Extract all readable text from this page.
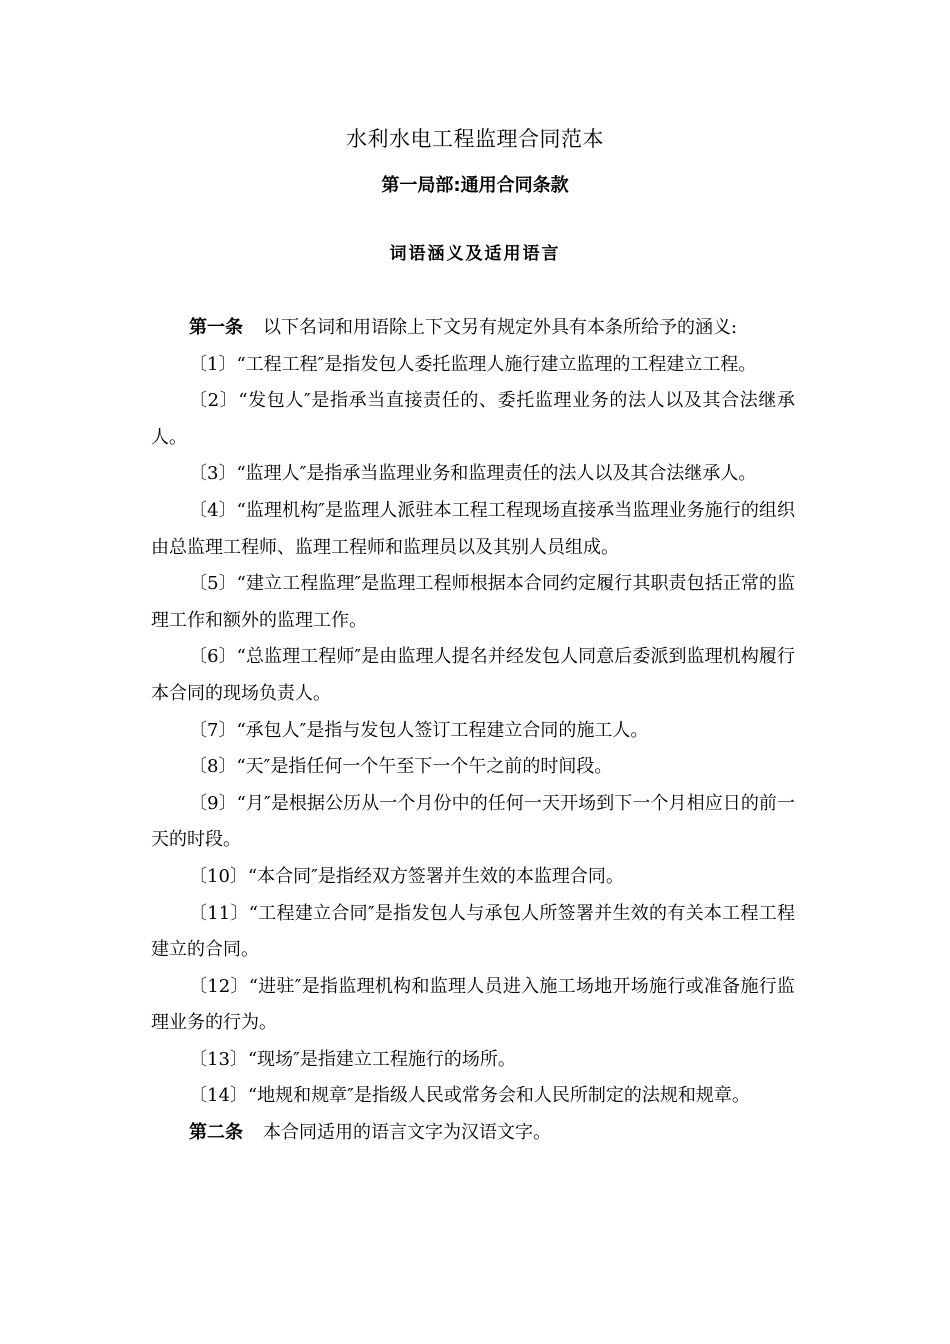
水利水电工程监理合同范本
第一局部:通用合同条款
词语涵义及适用语言

第一条 以下名词和用语除上下文另有规定外具有本条所给予的涵义:

〔1〕“工程工程″是指发包人委托监理人施行建立监理的工程建立工程。

〔2〕“发包人″是指承当直接责任的、委托监理业务的法人以及其合法继承人。

〔3〕“监理人″是指承当监理业务和监理责任的法人以及其合法继承人。

〔4〕“监理机构″是监理人派驻本工程工程现场直接承当监理业务施行的组织由总监理工程师、监理工程师和监理员以及其别人员组成。

〔5〕“建立工程监理″是监理工程师根据本合同约定履行其职责包括正常的监理工作和额外的监理工作。

〔6〕“总监理工程师″是由监理人提名并经发包人同意后委派到监理机构履行本合同的现场负责人。

〔7〕“承包人″是指与发包人签订工程建立合同的施工人。

〔8〕“天″是指任何一个午至下一个午之前的时间段。

〔9〕“月″是根据公历从一个月份中的任何一天开场到下一个月相应日的前一天的时段。

〔10〕“本合同″是指经双方签署并生效的本监理合同。

〔11〕“工程建立合同″是指发包人与承包人所签署并生效的有关本工程工程建立的合同。

〔12〕“进驻″是指监理机构和监理人员进入施工场地开场施行或准备施行监理业务的行为。

〔13〕“现场″是指建立工程施行的场所。

〔14〕“地规和规章″是指级人民或常务会和人民所制定的法规和规章。

第二条 本合同适用的语言文字为汉语文字。
